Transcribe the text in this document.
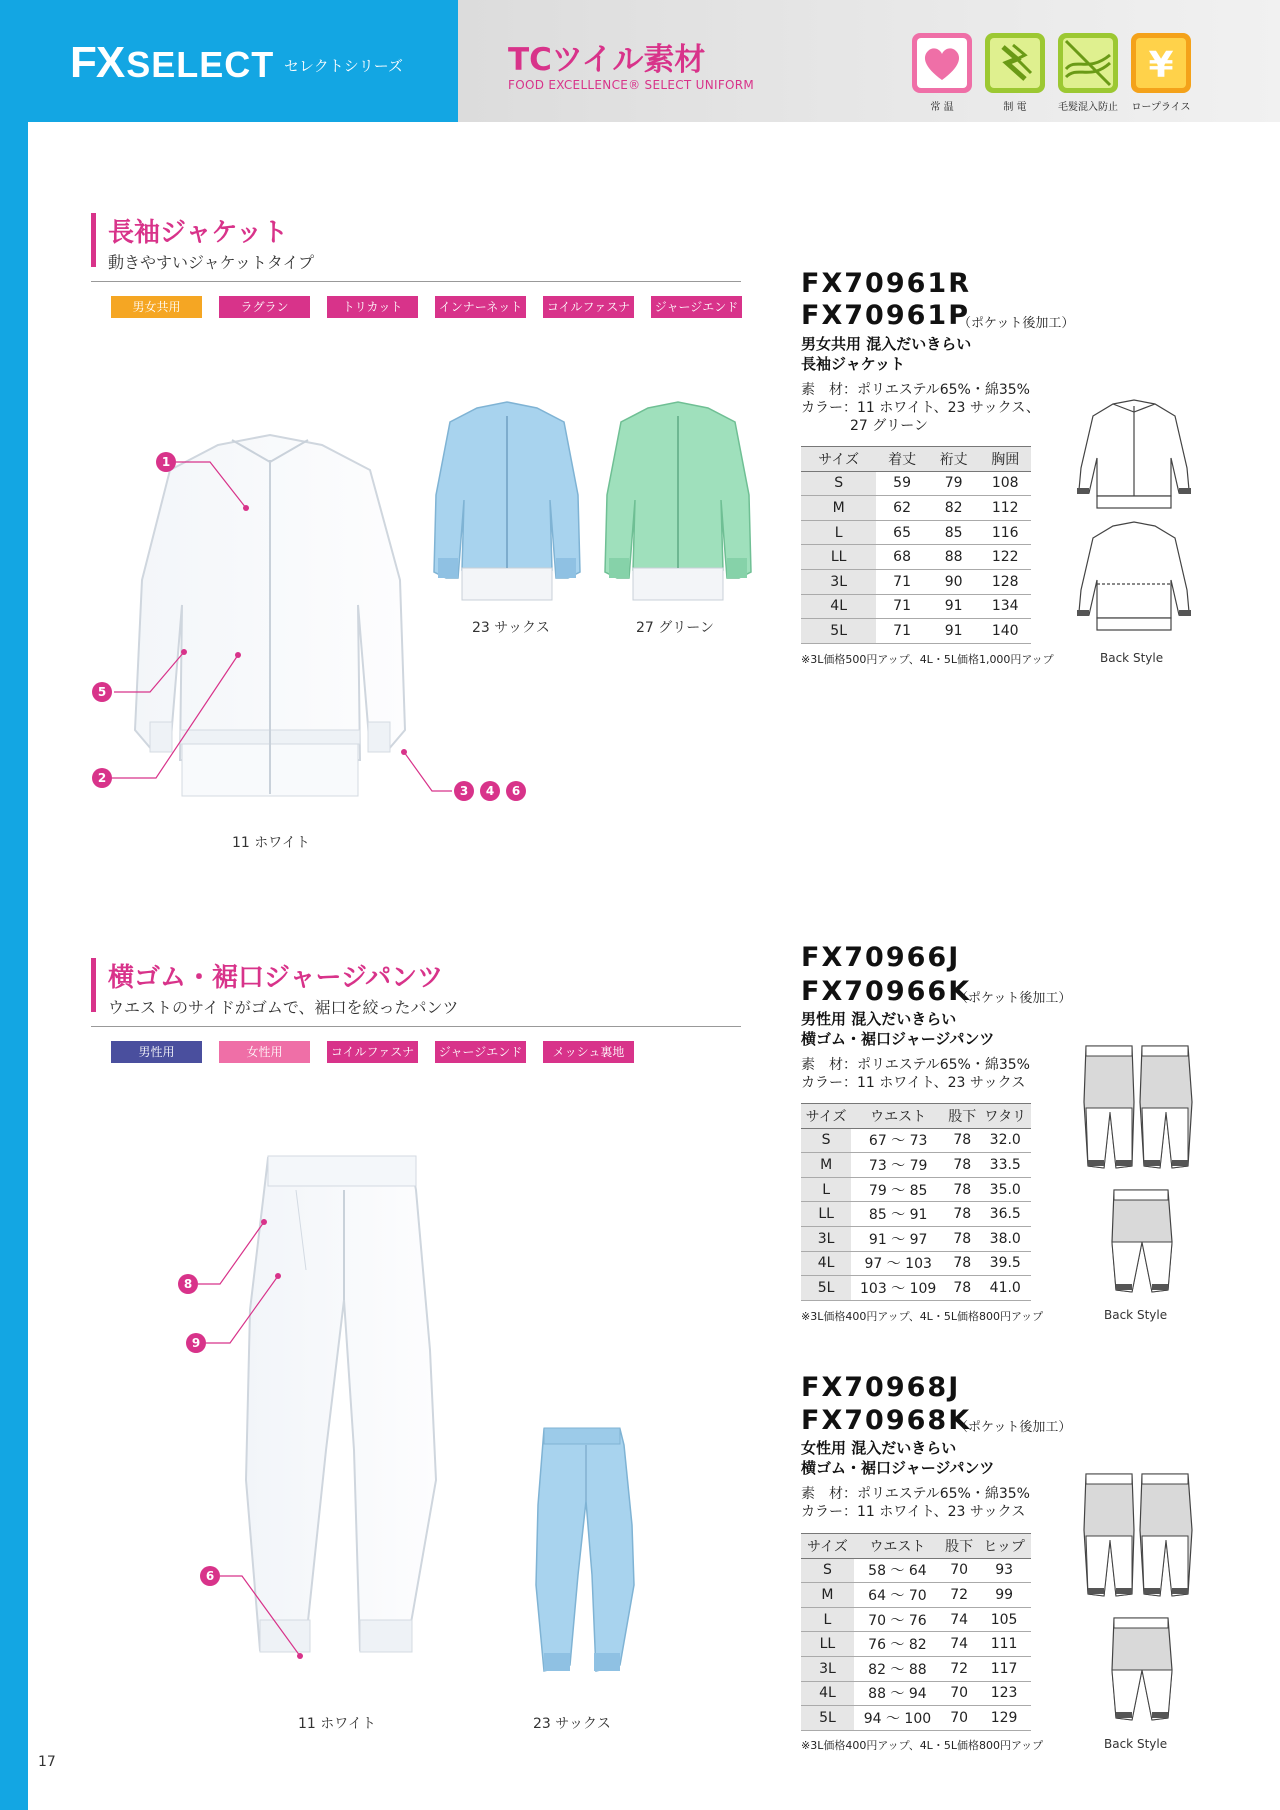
FXSELECT セレクトシリーズ	TCツイル素材
FOOD EXCELLENCE® SELECT UNIFORM
常 温	制 電	毛髪混入防止
¥
ロープライス
長袖ジャケット
動きやすいジャケットタイプ
男女共用	ラグラン	トリカット	インナーネット	コイルファスナー
ジャージエンド
11 ホワイト
23 サックス	27 グリーン
1
5
2
3	4	6
FX70961R
FX70961P
（ポケット後加工）
男女共用 混入だいきらい
長袖ジャケット
素　材：ポリエステル65%・綿35%
カラー：11 ホワイト、23 サックス、
27 グリーン
サイズ	着丈	裄丈	胸囲
S	59	79	108
M	62	82	112
L	65	85	116
LL	68	88	122
3L	71	90	128
4L	71	91	134
5L	71	91	140
※3L価格500円アップ、4L・5L価格1,000円アップ	Back Style
横ゴム・裾口ジャージパンツ
ウエストのサイドがゴムで、裾口を絞ったパンツ
男性用	女性用	コイルファスナー
ジャージエンド	メッシュ裏地
11 ホワイト	23 サックス
8
9
6
FX70966J
FX70966K
（ポケット後加工）
男性用 混入だいきらい
横ゴム・裾口ジャージパンツ
素　材：ポリエステル65%・綿35%
カラー：11 ホワイト、23 サックス
サイズ	ウエスト	股下	ワタリ
S	67 ～ 73	78	32.0
M	73 ～ 79	78	33.5
L	79 ～ 85	78	35.0
LL	85 ～ 91	78	36.5
3L	91 ～ 97	78	38.0
4L	97 ～ 103	78	39.5
5L	103 ～ 109	78	41.0
※3L価格400円アップ、4L・5L価格800円アップ	Back Style
FX70968J
FX70968K
（ポケット後加工）
女性用 混入だいきらい
横ゴム・裾口ジャージパンツ
素　材：ポリエステル65%・綿35%
カラー：11 ホワイト、23 サックス
サイズ	ウエスト	股下	ヒップ
S	58 ～ 64	70	93
M	64 ～ 70	72	99
L	70 ～ 76	74	105
LL	76 ～ 82	74	111
3L	82 ～ 88	72	117
4L	88 ～ 94	70	123
5L	94 ～ 100	70	129
※3L価格400円アップ、4L・5L価格800円アップ	Back Style
17
